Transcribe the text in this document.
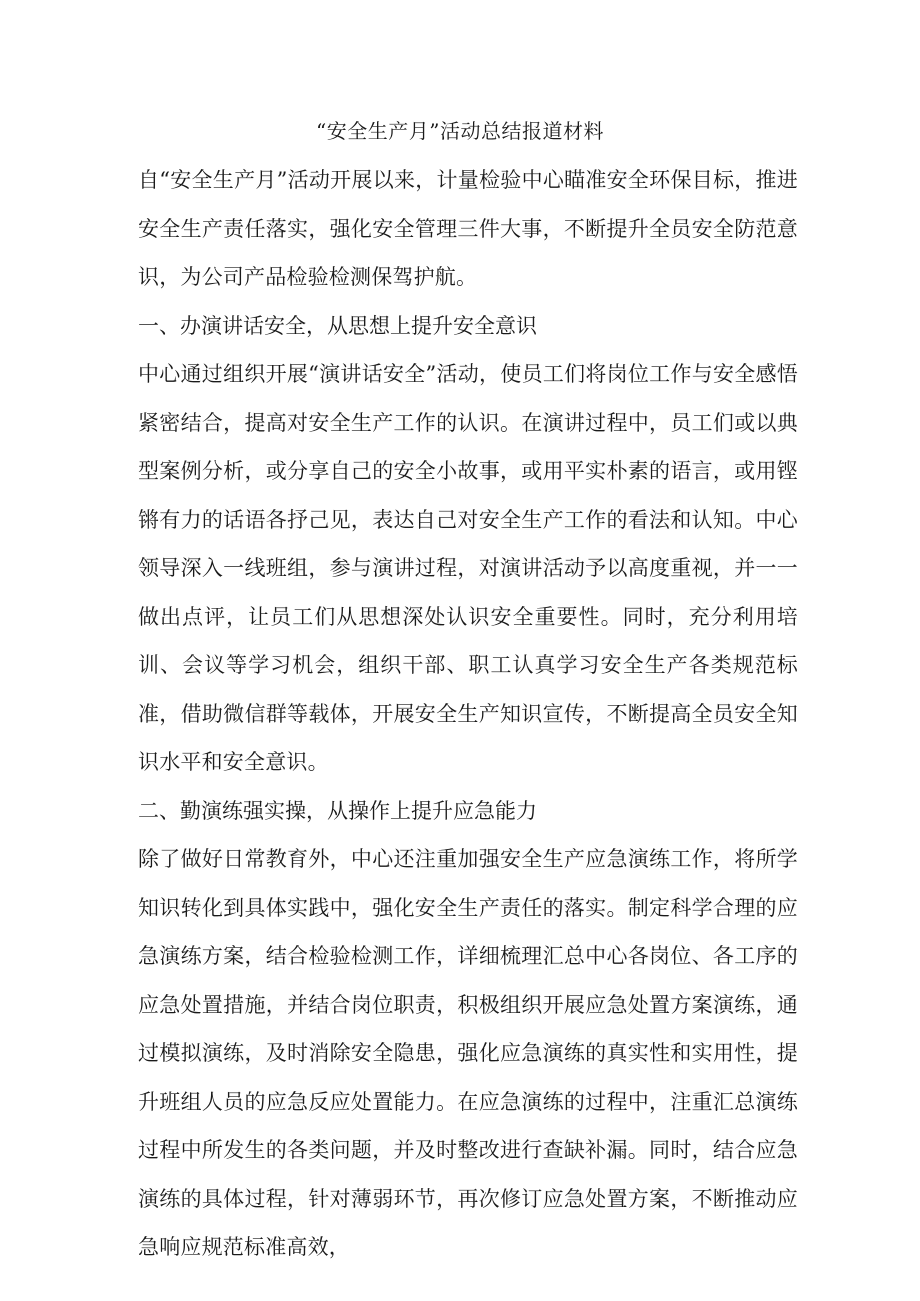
“安全生产月”活动总结报道材料

自“安全生产月”活动开展以来，计量检验中心瞄准安全环保目标，推进安全生产责任落实，强化安全管理三件大事，不断提升全员安全防范意识，为公司产品检验检测保驾护航。

一、办演讲话安全，从思想上提升安全意识

中心通过组织开展“演讲话安全”活动，使员工们将岗位工作与安全感悟紧密结合，提高对安全生产工作的认识。在演讲过程中，员工们或以典型案例分析，或分享自己的安全小故事，或用平实朴素的语言，或用铿锵有力的话语各抒己见，表达自己对安全生产工作的看法和认知。中心领导深入一线班组，参与演讲过程，对演讲活动予以高度重视，并一一做出点评，让员工们从思想深处认识安全重要性。同时，充分利用培训、会议等学习机会，组织干部、职工认真学习安全生产各类规范标准，借助微信群等载体，开展安全生产知识宣传，不断提高全员安全知识水平和安全意识。

二、勤演练强实操，从操作上提升应急能力

除了做好日常教育外，中心还注重加强安全生产应急演练工作，将所学知识转化到具体实践中，强化安全生产责任的落实。制定科学合理的应急演练方案，结合检验检测工作，详细梳理汇总中心各岗位、各工序的应急处置措施，并结合岗位职责，积极组织开展应急处置方案演练，通过模拟演练，及时消除安全隐患，强化应急演练的真实性和实用性，提升班组人员的应急反应处置能力。在应急演练的过程中，注重汇总演练过程中所发生的各类问题，并及时整改进行查缺补漏。同时，结合应急演练的具体过程，针对薄弱环节，再次修订应急处置方案，不断推动应急响应规范标准高效，
